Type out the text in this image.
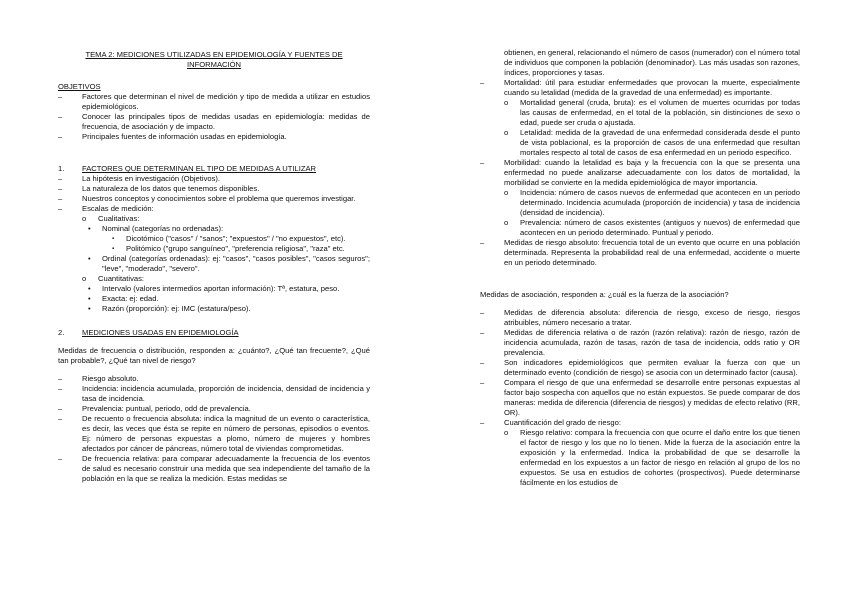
TEMA 2: MEDICIONES UTILIZADAS EN EPIDEMIOLOGÍA Y FUENTES DE INFORMACIÓN

OBJETIVOS

– Factores que determinan el nivel de medición y tipo de medida a utilizar en estudios epidemiológicos.
– Conocer las principales tipos de medidas usadas en epidemiología: medidas de frecuencia, de asociación y de impacto.
– Principales fuentes de información usadas en epidemiología.

1. FACTORES QUE DETERMINAN EL TIPO DE MEDIDAS A UTILIZAR

– La hipótesis en investigación (Objetivos).
– La naturaleza de los datos que tenemos disponibles.
– Nuestros conceptos y conocimientos sobre el problema que queremos investigar.
– Escalas de medición:
o Cualitativas:
• Nominal (categorías no ordenadas):
▪ Dicotómico ("casos" / "sanos"; "expuestos" / "no expuestos", etc).
▪ Politómico ("grupo sanguíneo", "preferencia religiosa", "raza" etc.
• Ordinal (categorías ordenadas): ej: "casos", "casos posibles", "casos seguros"; "leve", "moderado", "severo".
o Cuantitativas:
• Intervalo (valores intermedios aportan información): Tª, estatura, peso.
• Exacta: ej: edad.
• Razón (proporción): ej: IMC (estatura/peso).

2. MEDICIONES USADAS EN EPIDEMIOLOGÍA

Medidas de frecuencia o distribución, responden a: ¿cuánto?, ¿Qué tan frecuente?, ¿Qué tan probable?, ¿Qué tan nivel de riesgo?

– Riesgo absoluto.
– Incidencia: incidencia acumulada, proporción de incidencia, densidad de incidencia y tasa de incidencia.
– Prevalencia: puntual, periodo, odd de prevalencia.
– De recuento o frecuencia absoluta: indica la magnitud de un evento o característica, es decir, las veces que ésta se repite en número de personas, episodios o eventos. Ej: número de personas expuestas a plomo, número de mujeres y hombres afectados por cáncer de páncreas, número total de viviendas comprometidas.
– De frecuencia relativa: para comparar adecuadamente la frecuencia de los eventos de salud es necesario construir una medida que sea independiente del tamaño de la población en la que se realiza la medición. Estas medidas se

obtienen, en general, relacionando el número de casos (numerador) con el número total de individuos que componen la población (denominador). Las más usadas son razones, índices, proporciones y tasas.

– Mortalidad: útil para estudiar enfermedades que provocan la muerte, especialmente cuando su letalidad (medida de la gravedad de una enfermedad) es importante.
o Mortalidad general (cruda, bruta): es el volumen de muertes ocurridas por todas las causas de enfermedad, en el total de la población, sin distinciones de sexo o edad, puede ser cruda o ajustada.
o Letalidad: medida de la gravedad de una enfermedad considerada desde el punto de vista poblacional, es la proporción de casos de una enfermedad que resultan mortales respecto al total de casos de esa enfermedad en un periodo especifico.
– Morbilidad: cuando la letalidad es baja y la frecuencia con la que se presenta una enfermedad no puede analizarse adecuadamente con los datos de mortalidad, la morbilidad se convierte en la medida epidemiológica de mayor importancia.
o Incidencia: número de casos nuevos de enfermedad que acontecen en un periodo determinado. Incidencia acumulada (proporción de incidencia) y tasa de incidencia (densidad de incidencia).
o Prevalencia: número de casos existentes (antiguos y nuevos) de enfermedad que acontecen en un periodo determinado. Puntual y periodo.
– Medidas de riesgo absoluto: frecuencia total de un evento que ocurre en una población determinada. Representa la probabilidad real de una enfermedad, accidente o muerte en un periodo determinado.

Medidas de asociación, responden a: ¿cuál es la fuerza de la asociación?

– Medidas de diferencia absoluta: diferencia de riesgo, exceso de riesgo, riesgos atribuibles, número necesario a tratar.
– Medidas de diferencia relativa o de razón (razón relativa): razón de riesgo, razón de incidencia acumulada, razón de tasas, razón de tasa de incidencia, odds ratio y OR prevalencia.
– Son indicadores epidemiológicos que permiten evaluar la fuerza con que un determinado evento (condición de riesgo) se asocia con un determinado factor (causa).
– Compara el riesgo de que una enfermedad se desarrolle entre personas expuestas al factor bajo sospecha con aquellos que no están expuestos. Se puede comparar de dos maneras: medida de diferencia (diferencia de riesgos) y medidas de efecto relativo (RR, OR).
– Cuantificación del grado de riesgo:
o Riesgo relativo: compara la frecuencia con que ocurre el daño entre los que tienen el factor de riesgo y los que no lo tienen. Mide la fuerza de la asociación entre la exposición y la enfermedad. Indica la probabilidad de que se desarrolle la enfermedad en los expuestos a un factor de riesgo en relación al grupo de los no expuestos. Se usa en estudios de cohortes (prospectivos). Puede determinarse fácilmente en los estudios de
